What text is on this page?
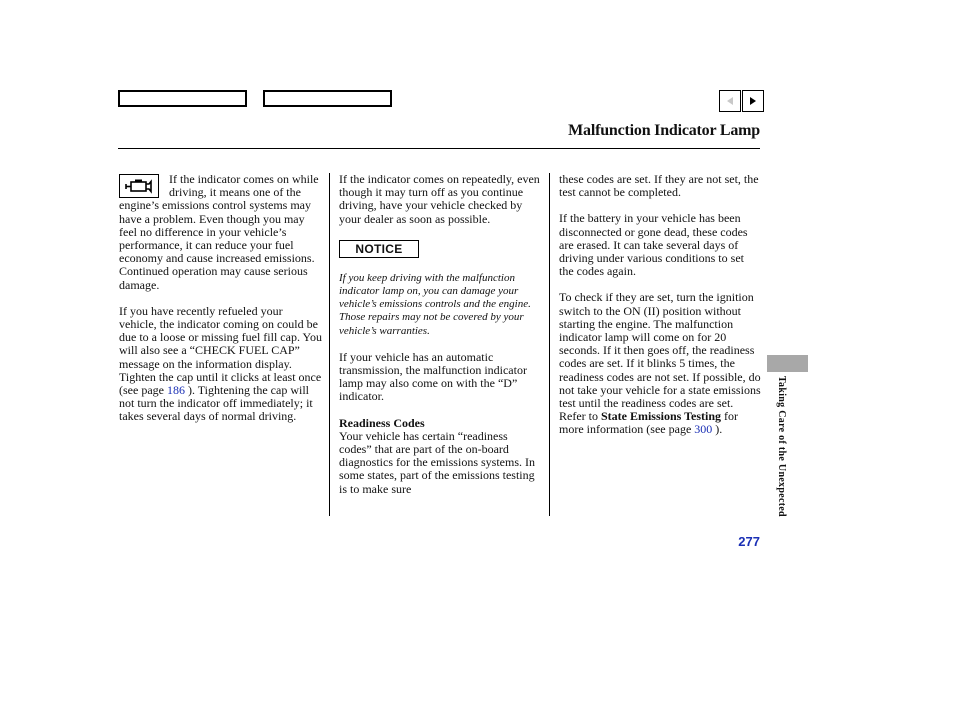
Malfunction Indicator Lamp

If the indicator comes on while driving, it means one of the engine’s emissions control systems may have a problem. Even though you may feel no difference in your vehicle’s performance, it can reduce your fuel economy and cause increased emissions. Continued operation may cause serious damage.

If you have recently refueled your vehicle, the indicator coming on could be due to a loose or missing fuel fill cap. You will also see a “CHECK FUEL CAP” message on the information display. Tighten the cap until it clicks at least once (see page 186 ). Tightening the cap will not turn the indicator off immediately; it takes several days of normal driving.

If the indicator comes on repeatedly, even though it may turn off as you continue driving, have your vehicle checked by your dealer as soon as possible.

NOTICE

If you keep driving with the malfunction indicator lamp on, you can damage your vehicle’s emissions controls and the engine. Those repairs may not be covered by your vehicle’s warranties.

If your vehicle has an automatic transmission, the malfunction indicator lamp may also come on with the “D” indicator.

Readiness Codes

Your vehicle has certain “readiness codes” that are part of the on-board diagnostics for the emissions systems. In some states, part of the emissions testing is to make sure

these codes are set. If they are not set, the test cannot be completed.

If the battery in your vehicle has been disconnected or gone dead, these codes are erased. It can take several days of driving under various conditions to set the codes again.

To check if they are set, turn the ignition switch to the ON (II) position without starting the engine. The malfunction indicator lamp will come on for 20 seconds. If it then goes off, the readiness codes are set. If it blinks 5 times, the readiness codes are not set. If possible, do not take your vehicle for a state emissions test until the readiness codes are set. Refer to State Emissions Testing for more information (see page 300 ).	Taking Care of the Unexpected
277
